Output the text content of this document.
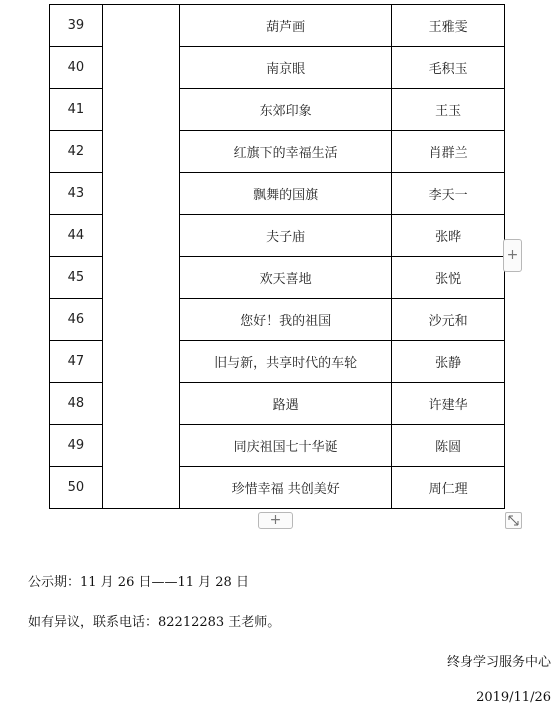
39		葫芦画	王雅雯
40		南京眼	毛积玉
41		东郊印象	王玉
42		红旗下的幸福生活	肖群兰
43		飘舞的国旗	李天一
44		夫子庙	张晔
45		欢天喜地	张悦
46		您好！我的祖国	沙元和
47		旧与新，共享时代的车轮	张静
48		路遇	许建华
49		同庆祖国七十华诞	陈圆
50		珍惜幸福 共创美好	周仁理
+
+
公示期：11 月 26 日——11 月 28 日
如有异议，联系电话：82212283 王老师。
终身学习服务中心
2019/11/26
